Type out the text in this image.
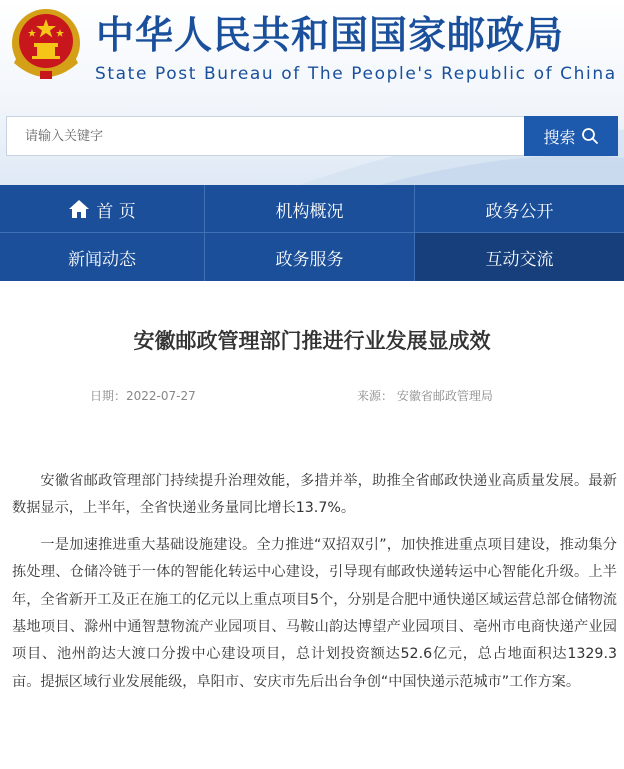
中华人民共和国国家邮政局
State Post Bureau of The People's Republic of China
请输入关键字
搜索
首 页	机构概况	政务公开
新闻动态	政务服务	互动交流
安徽邮政管理部门推进行业发展显成效
日期：2022-07-27	来源： 安徽省邮政管理局

安徽省邮政管理部门持续提升治理效能，多措并举，助推全省邮政快递业高质量发展。最新数据显示，上半年，全省快递业务量同比增长13.7%。

一是加速推进重大基础设施建设。全力推进“双招双引”，加快推进重点项目建设，推动集分拣处理、仓储冷链于一体的智能化转运中心建设，引导现有邮政快递转运中心智能化升级。上半年，全省新开工及正在施工的亿元以上重点项目5个，分别是合肥中通快递区域运营总部仓储物流基地项目、滁州中通智慧物流产业园项目、马鞍山韵达博望产业园项目、亳州市电商快递产业园项目、池州韵达大渡口分拨中心建设项目，总计划投资额达52.6亿元，总占地面积达1329.3亩。提振区域行业发展能级，阜阳市、安庆市先后出台争创“中国快递示范城市”工作方案。
